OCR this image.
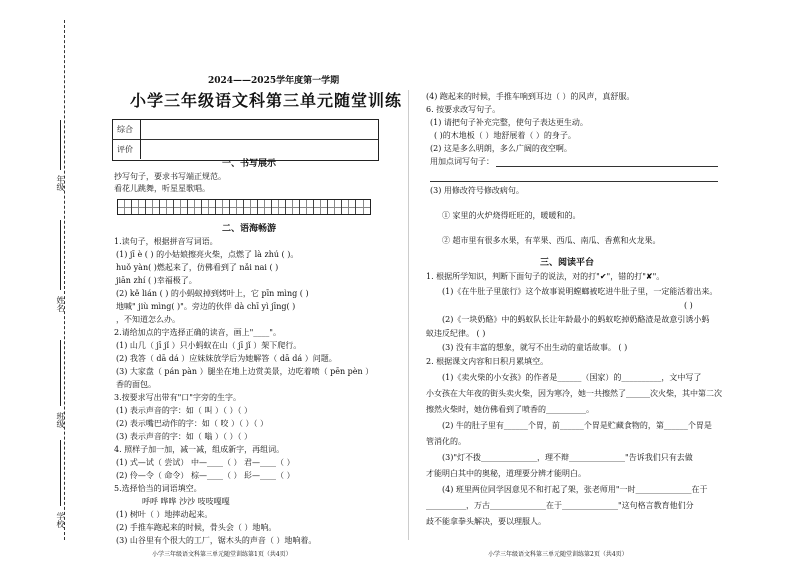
年级
姓名
班级
学校
2024——2025学年度第一学期
小学三年级语文科第三单元随堂训练
综合
评价
一、书写展示
抄写句子，要求书写端正规范。
看花儿跳舞，听星星歌唱。
二、语海畅游
1.读句子，根据拼音写词语。
(1) jī è ( ) 的小姑娘擦亮火柴，点燃了 là zhú ( )。
huǒ yàn( )燃起来了，仿佛看到了 nǎi nai ( )
jiān zhí ( )幸福极了。
(2) kě lián ( ) 的小蚂蚁掉到烤叶上，它 pīn mìng ( )
地喊" jiù mìng( )"。旁边的伙伴 dà chī yì jīng( )
，不知道怎么办。
2.请给加点的字选择正确的读音，画上"____"。
(1) 山几（ jī jǐ ）只小蚂蚁在山（ jī jǐ ）架下爬行。
(2) 我答（ dā dá ）应妹妹放学后为她解答（ dā dá ）问题。
(3) 大家盘（ pán pàn ）腿坐在地上边赏美景，边吃着喷（ pēn pèn ）
香的面包。
3.按要求写出带有"口"字旁的生字。
(1) 表示声音的字：如（ 叫 ）（ ）（ ）
(2) 表示嘴巴动作的字：如（ 咬 ）（ ）（ ）
(3) 表示声音的字：如（ 嗡 ）（ ）（ ）
4. 照样子加一加，减一减，组成新字，再组词。
(1) 式—试（ 尝试） 中—____（ ） 君—____（ ）
(2) 伶—令（ 命令） 棕—____（ ） 髟—____（ ）
5.选择恰当的词语填空。
呼呼 哗哗 沙沙 吱吱嘎嘎
(1) 树叶（ ）地摔动起来。
(2) 手推车跑起来的时候，骨头会（ ）地响。
(3) 山谷里有个很大的工厂，锯木头的声音（ ）地响着。
小学三年级语文科第三单元随堂训练第1页（共4页）
(4) 跑起来的时候，手推车响到耳边（ ）的风声，真舒服。
6. 按要求改写句子。
(1) 请把句子补充完整，使句子表达更生动。
( )的木地板（ ）地舒展着（ ）的身子。
(2) 这是多么明朗，多么广阔的夜空啊。
用加点词写句子：
(3) 用修改符号修改病句。
① 家里的火炉烧得旺旺的，暖暖和的。
② 超市里有很多水果，有苹果、西瓜、南瓜、香蕉和火龙果。
三、阅读平台
1. 根据所学知识，判断下面句子的说法，对的打"✔"，错的打"✘"。
(1)《在牛肚子里旅行》这个故事说明螳螂被吃进牛肚子里，一定能活着出来。
( )
(2)《一块奶酪》中的蚂蚁队长让年龄最小的蚂蚁吃掉奶酪渣是故意引诱小蚂
蚁违反纪律。 ( )
(3) 没有丰富的想象，就写不出生动的童话故事。 ( )
2. 根据课文内容和日积月累填空。
(1)《卖火柴的小女孩》的作者是______（国家）的__________，文中写了
小女孩在大年夜的街头卖火柴，因为寒冷，她一共擦然了______次火柴，其中第二次
擦然火柴时，她仿佛看到了喷香的__________。
(2) 牛的肚子里有______个胃，前______个胃是贮藏食物的，第______个胃是
管消化的。
(3)"灯不拨______________，理不辩______________"告诉我们只有去做
才能明白其中的奥秘，道理要分辨才能明白。
(4) 班里两位同学因意见不和打起了架，张老师用"一时______________在于
__________，万古______________在于______________"这句格言教育他们分
歧不能拿拳头解决，要以理服人。
小学三年级语文科第三单元随堂训练第2页（共4页）
